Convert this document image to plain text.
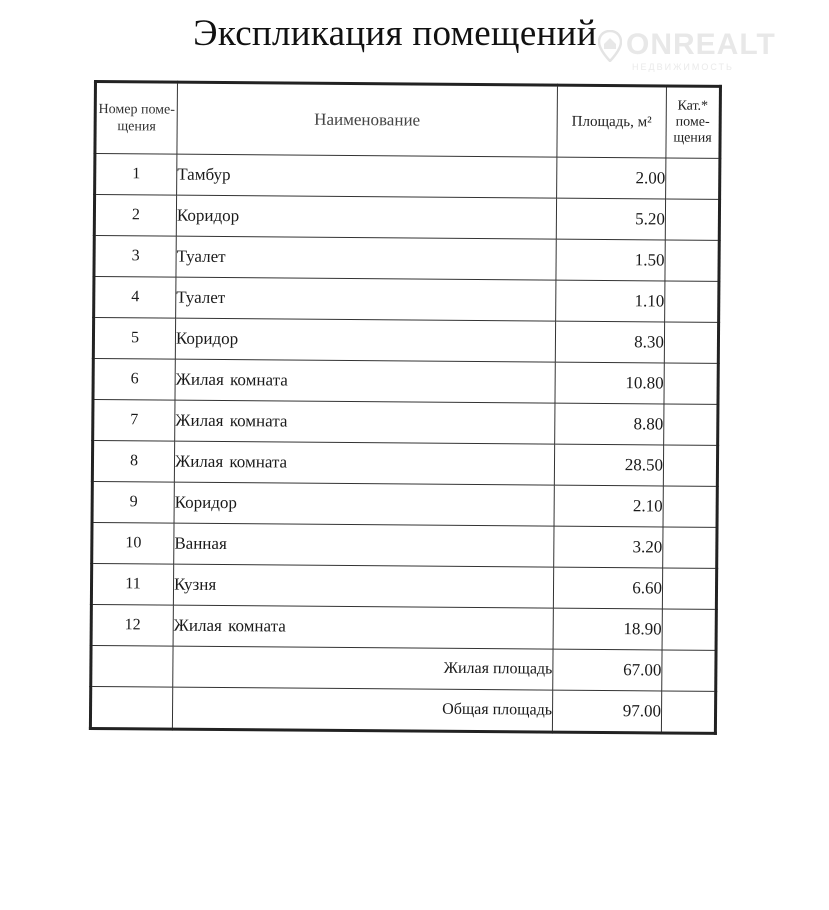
Экспликация помещений ONREALT
НЕДВИЖИМОСТЬ
Номер поме-щения	Наименование	Площадь, м²	Кат.* поме-щения
1	Тамбур	2.00	
2	Коридор	5.20	
3	Туалет	1.50	
4	Туалет	1.10	
5	Коридор	8.30	
6	Жилая комната	10.80	
7	Жилая комната	8.80	
8	Жилая комната	28.50	
9	Коридор	2.10	
10	Ванная	3.20	
11	Кузня	6.60	
12	Жилая комната	18.90	
	Жилая площадь	67.00	
	Общая площадь	97.00	
